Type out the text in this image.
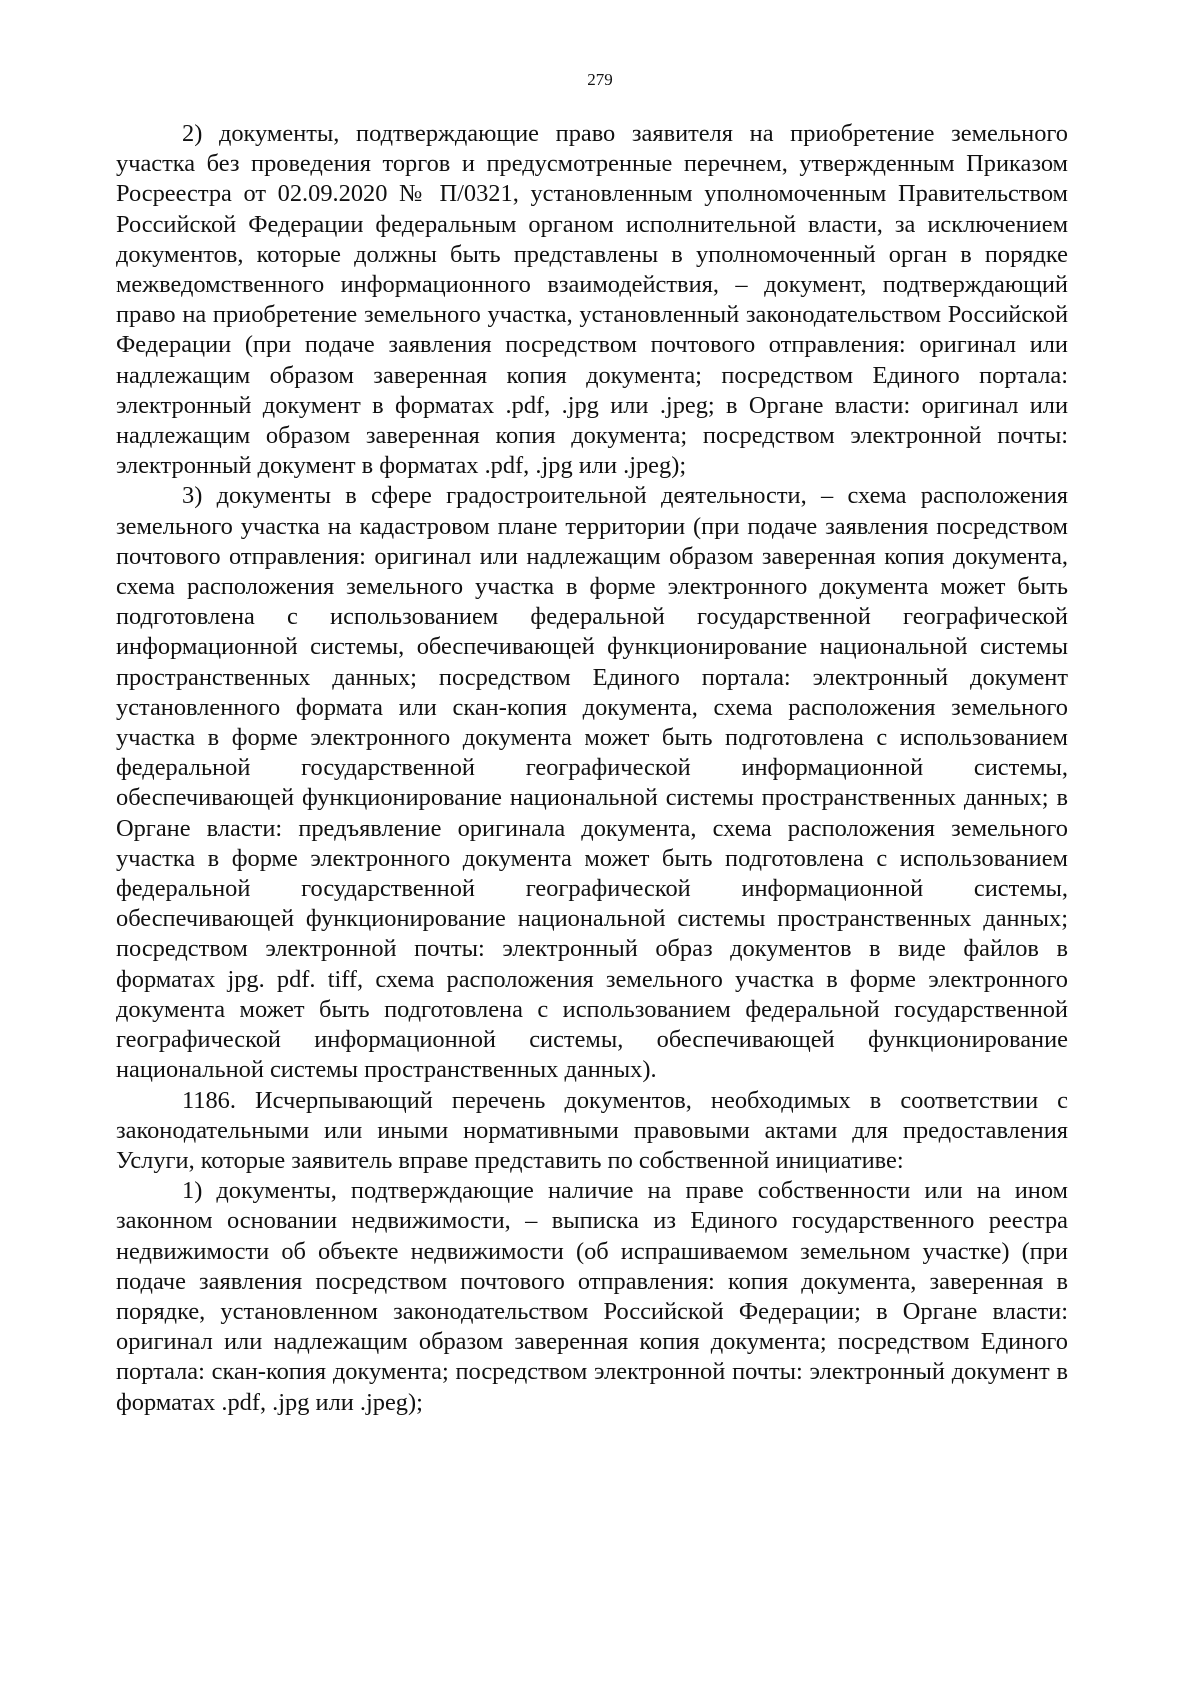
279

2) документы, подтверждающие право заявителя на приобретение земельного участка без проведения торгов и предусмотренные перечнем, утвержденным Приказом Росреестра от 02.09.2020 № П/0321, установленным уполномоченным Правительством Российской Федерации федеральным органом исполнительной власти, за исключением документов, которые должны быть представлены в уполномоченный орган в порядке межведомственного информационного взаимодействия, – документ, подтверждающий право на приобретение земельного участка, установленный законодательством Российской Федерации (при подаче заявления посредством почтового отправления: оригинал или надлежащим образом заверенная копия документа; посредством Единого портала: электронный документ в форматах .pdf, .jpg или .jpeg; в Органе власти: оригинал или надлежащим образом заверенная копия документа; посредством электронной почты: электронный документ в форматах .pdf, .jpg или .jpeg);

3) документы в сфере градостроительной деятельности, – схема расположения земельного участка на кадастровом плане территории (при подаче заявления посредством почтового отправления: оригинал или надлежащим образом заверенная копия документа, схема расположения земельного участка в форме электронного документа может быть подготовлена с использованием федеральной государственной географической информационной системы, обеспечивающей функционирование национальной системы пространственных данных; посредством Единого портала: электронный документ установленного формата или скан-копия документа, схема расположения земельного участка в форме электронного документа может быть подготовлена с использованием федеральной государственной географической информационной системы, обеспечивающей функционирование национальной системы пространственных данных; в Органе власти: предъявление оригинала документа, схема расположения земельного участка в форме электронного документа может быть подготовлена с использованием федеральной государственной географической информационной системы, обеспечивающей функционирование национальной системы пространственных данных; посредством электронной почты: электронный образ документов в виде файлов в форматах jpg. pdf. tiff, схема расположения земельного участка в форме электронного документа может быть подготовлена с использованием федеральной государственной географической информационной системы, обеспечивающей функционирование национальной системы пространственных данных).

1186. Исчерпывающий перечень документов, необходимых в соответствии с законодательными или иными нормативными правовыми актами для предоставления Услуги, которые заявитель вправе представить по собственной инициативе:

1) документы, подтверждающие наличие на праве собственности или на ином законном основании недвижимости, – выписка из Единого государственного реестра недвижимости об объекте недвижимости (об испрашиваемом земельном участке) (при подаче заявления посредством почтового отправления: копия документа, заверенная в порядке, установленном законодательством Российской Федерации; в Органе власти: оригинал или надлежащим образом заверенная копия документа; посредством Единого портала: скан-копия документа; посредством электронной почты: электронный документ в форматах .pdf, .jpg или .jpeg);
